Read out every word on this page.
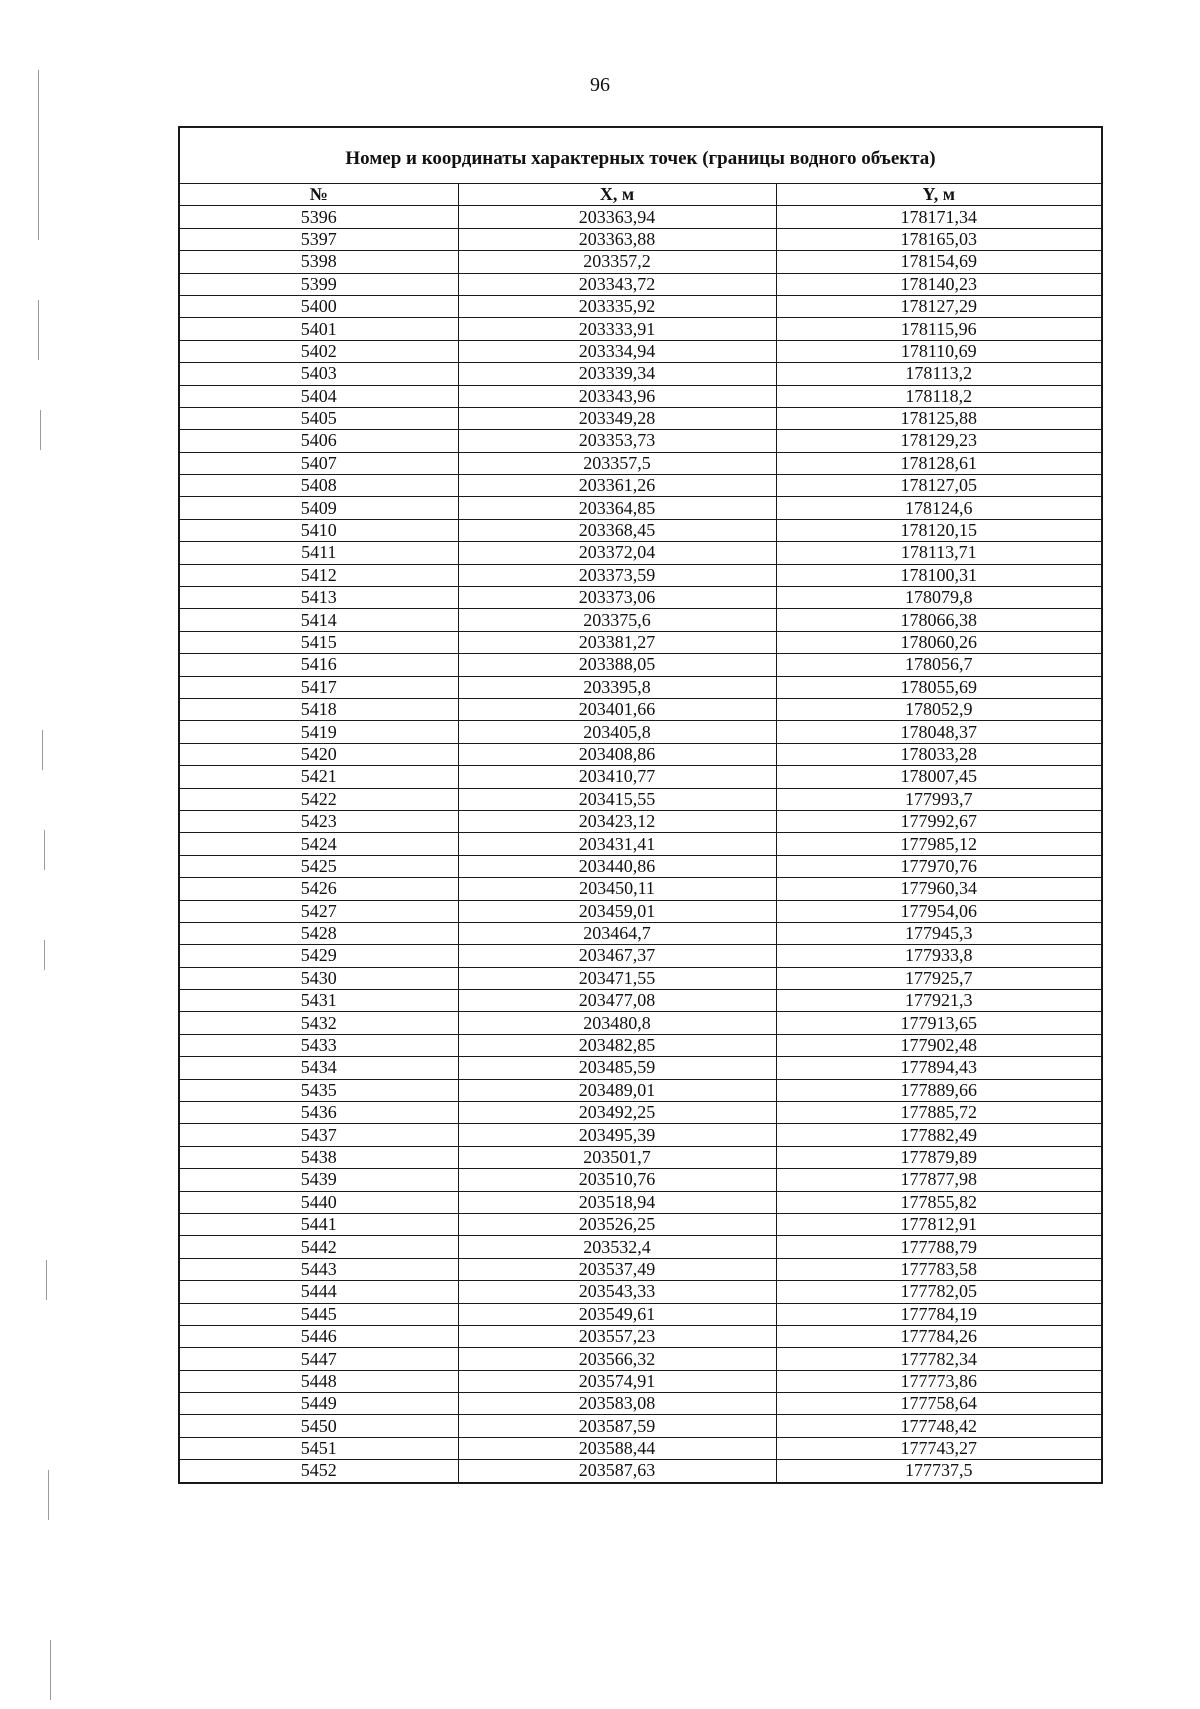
96
Номер и координаты характерных точек (границы водного объекта)		
№	X, м	Y, м
5396	203363,94	178171,34
5397	203363,88	178165,03
5398	203357,2	178154,69
5399	203343,72	178140,23
5400	203335,92	178127,29
5401	203333,91	178115,96
5402	203334,94	178110,69
5403	203339,34	178113,2
5404	203343,96	178118,2
5405	203349,28	178125,88
5406	203353,73	178129,23
5407	203357,5	178128,61
5408	203361,26	178127,05
5409	203364,85	178124,6
5410	203368,45	178120,15
5411	203372,04	178113,71
5412	203373,59	178100,31
5413	203373,06	178079,8
5414	203375,6	178066,38
5415	203381,27	178060,26
5416	203388,05	178056,7
5417	203395,8	178055,69
5418	203401,66	178052,9
5419	203405,8	178048,37
5420	203408,86	178033,28
5421	203410,77	178007,45
5422	203415,55	177993,7
5423	203423,12	177992,67
5424	203431,41	177985,12
5425	203440,86	177970,76
5426	203450,11	177960,34
5427	203459,01	177954,06
5428	203464,7	177945,3
5429	203467,37	177933,8
5430	203471,55	177925,7
5431	203477,08	177921,3
5432	203480,8	177913,65
5433	203482,85	177902,48
5434	203485,59	177894,43
5435	203489,01	177889,66
5436	203492,25	177885,72
5437	203495,39	177882,49
5438	203501,7	177879,89
5439	203510,76	177877,98
5440	203518,94	177855,82
5441	203526,25	177812,91
5442	203532,4	177788,79
5443	203537,49	177783,58
5444	203543,33	177782,05
5445	203549,61	177784,19
5446	203557,23	177784,26
5447	203566,32	177782,34
5448	203574,91	177773,86
5449	203583,08	177758,64
5450	203587,59	177748,42
5451	203588,44	177743,27
5452	203587,63	177737,5
